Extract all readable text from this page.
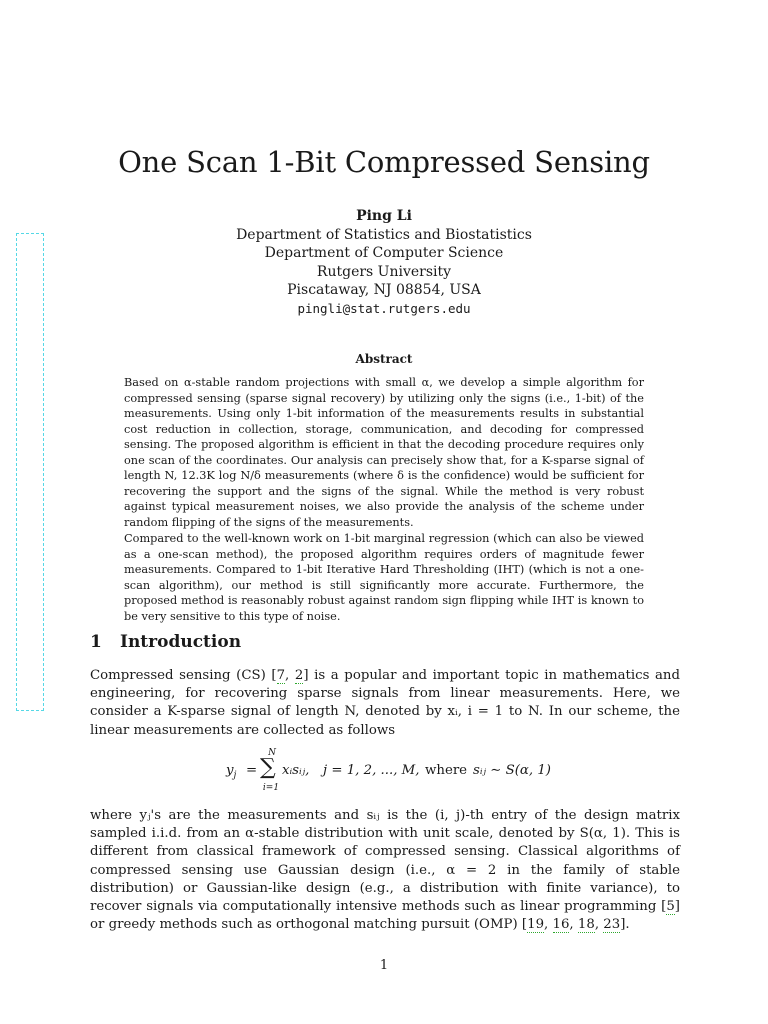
One Scan 1-Bit Compressed Sensing
Ping Li
Department of Statistics and Biostatistics
Department of Computer Science
Rutgers University
Piscataway, NJ 08854, USA
pingli@stat.rutgers.edu
Abstract
Based on α-stable random projections with small α, we develop a simple algorithm for compressed sensing (sparse signal recovery) by utilizing only the signs (i.e., 1-bit) of the measurements. Using only 1-bit information of the measurements results in substantial cost reduction in collection, storage, communication, and decoding for compressed sensing. The proposed algorithm is efficient in that the decoding procedure requires only one scan of the coordinates. Our analysis can precisely show that, for a K-sparse signal of length N, 12.3K log N/δ measurements (where δ is the confidence) would be sufficient for recovering the support and the signs of the signal. While the method is very robust against typical measurement noises, we also provide the analysis of the scheme under random flipping of the signs of the measurements.
Compared to the well-known work on 1-bit marginal regression (which can also be viewed as a one-scan method), the proposed algorithm requires orders of magnitude fewer measurements. Compared to 1-bit Iterative Hard Thresholding (IHT) (which is not a one-scan algorithm), our method is still significantly more accurate. Furthermore, the proposed method is reasonably robust against random sign flipping while IHT is known to be very sensitive to this type of noise.
1 Introduction
Compressed sensing (CS) [7, 2] is a popular and important topic in mathematics and engineering, for recovering sparse signals from linear measurements. Here, we consider a K-sparse signal of length N, denoted by xᵢ, i = 1 to N. In our scheme, the linear measurements are collected as follows
$y_j$ =
N
∑
i=1
xᵢsᵢⱼ, j = 1, 2, ..., M, where sᵢⱼ ∼ S(α, 1)
where yⱼ's are the measurements and sᵢⱼ is the (i, j)-th entry of the design matrix sampled i.i.d. from an α-stable distribution with unit scale, denoted by S(α, 1). This is different from classical framework of compressed sensing. Classical algorithms of compressed sensing use Gaussian design (i.e., α = 2 in the family of stable distribution) or Gaussian-like design (e.g., a distribution with finite variance), to recover signals via computationally intensive methods such as linear programming [5] or greedy methods such as orthogonal matching pursuit (OMP) [19, 16, 18, 23].
1
